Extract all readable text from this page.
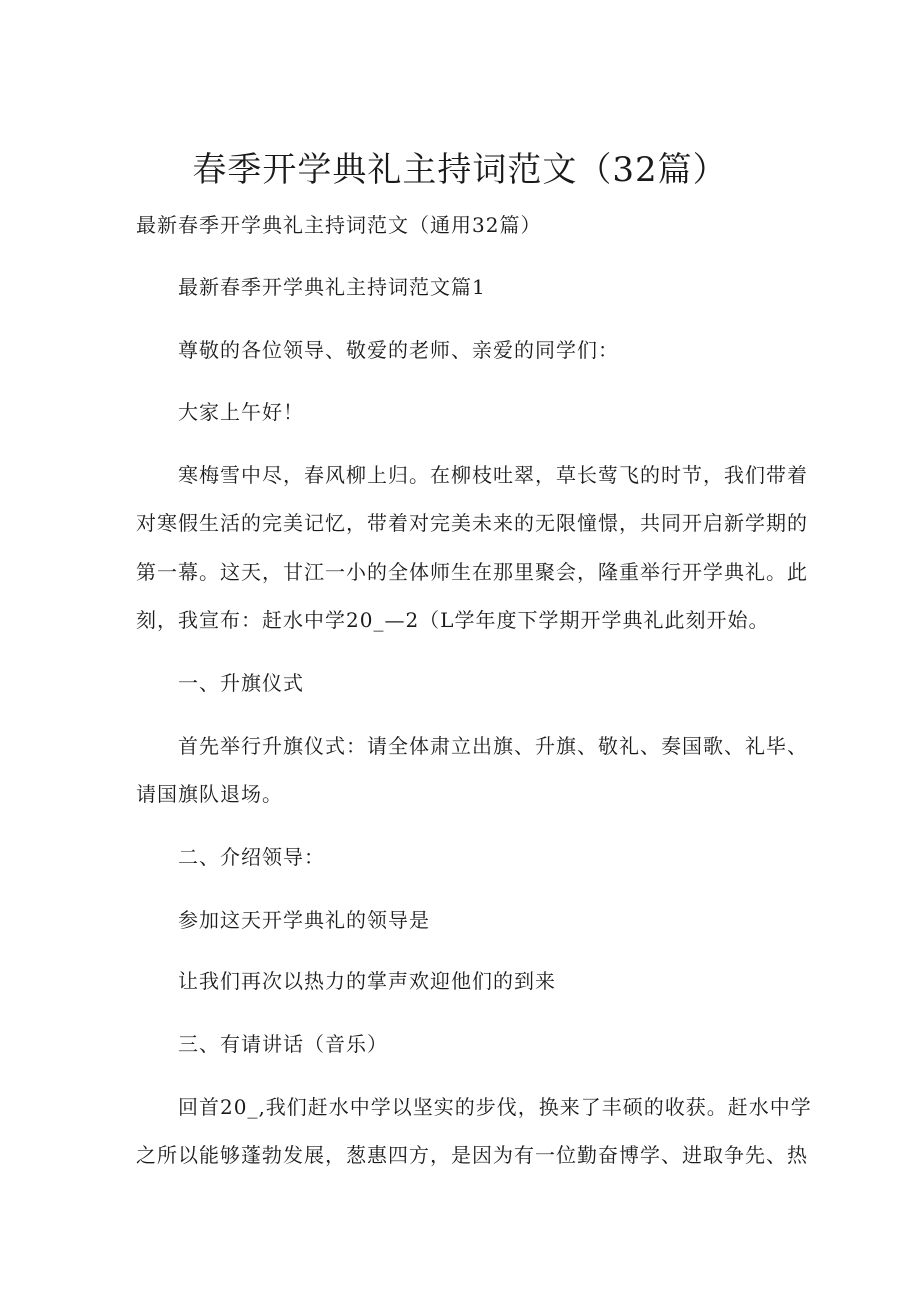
春季开学典礼主持词范文（32篇）
最新春季开学典礼主持词范文（通用32篇）
最新春季开学典礼主持词范文篇1
尊敬的各位领导、敬爱的老师、亲爱的同学们：
大家上午好！
寒梅雪中尽，春风柳上归。在柳枝吐翠，草长莺飞的时节，我们带着
对寒假生活的完美记忆，带着对完美未来的无限憧憬，共同开启新学期的
第一幕。这天，甘江一小的全体师生在那里聚会，隆重举行开学典礼。此
刻，我宣布：赶水中学20_—2（L学年度下学期开学典礼此刻开始。
一、升旗仪式
首先举行升旗仪式：请全体肃立出旗、升旗、敬礼、奏国歌、礼毕、
请国旗队退场。
二、介绍领导：
参加这天开学典礼的领导是
让我们再次以热力的掌声欢迎他们的到来
三、有请讲话（音乐）
回首20_,我们赶水中学以坚实的步伐，换来了丰硕的收获。赶水中学
之所以能够蓬勃发展，葱惠四方，是因为有一位勤奋博学、进取争先、热
